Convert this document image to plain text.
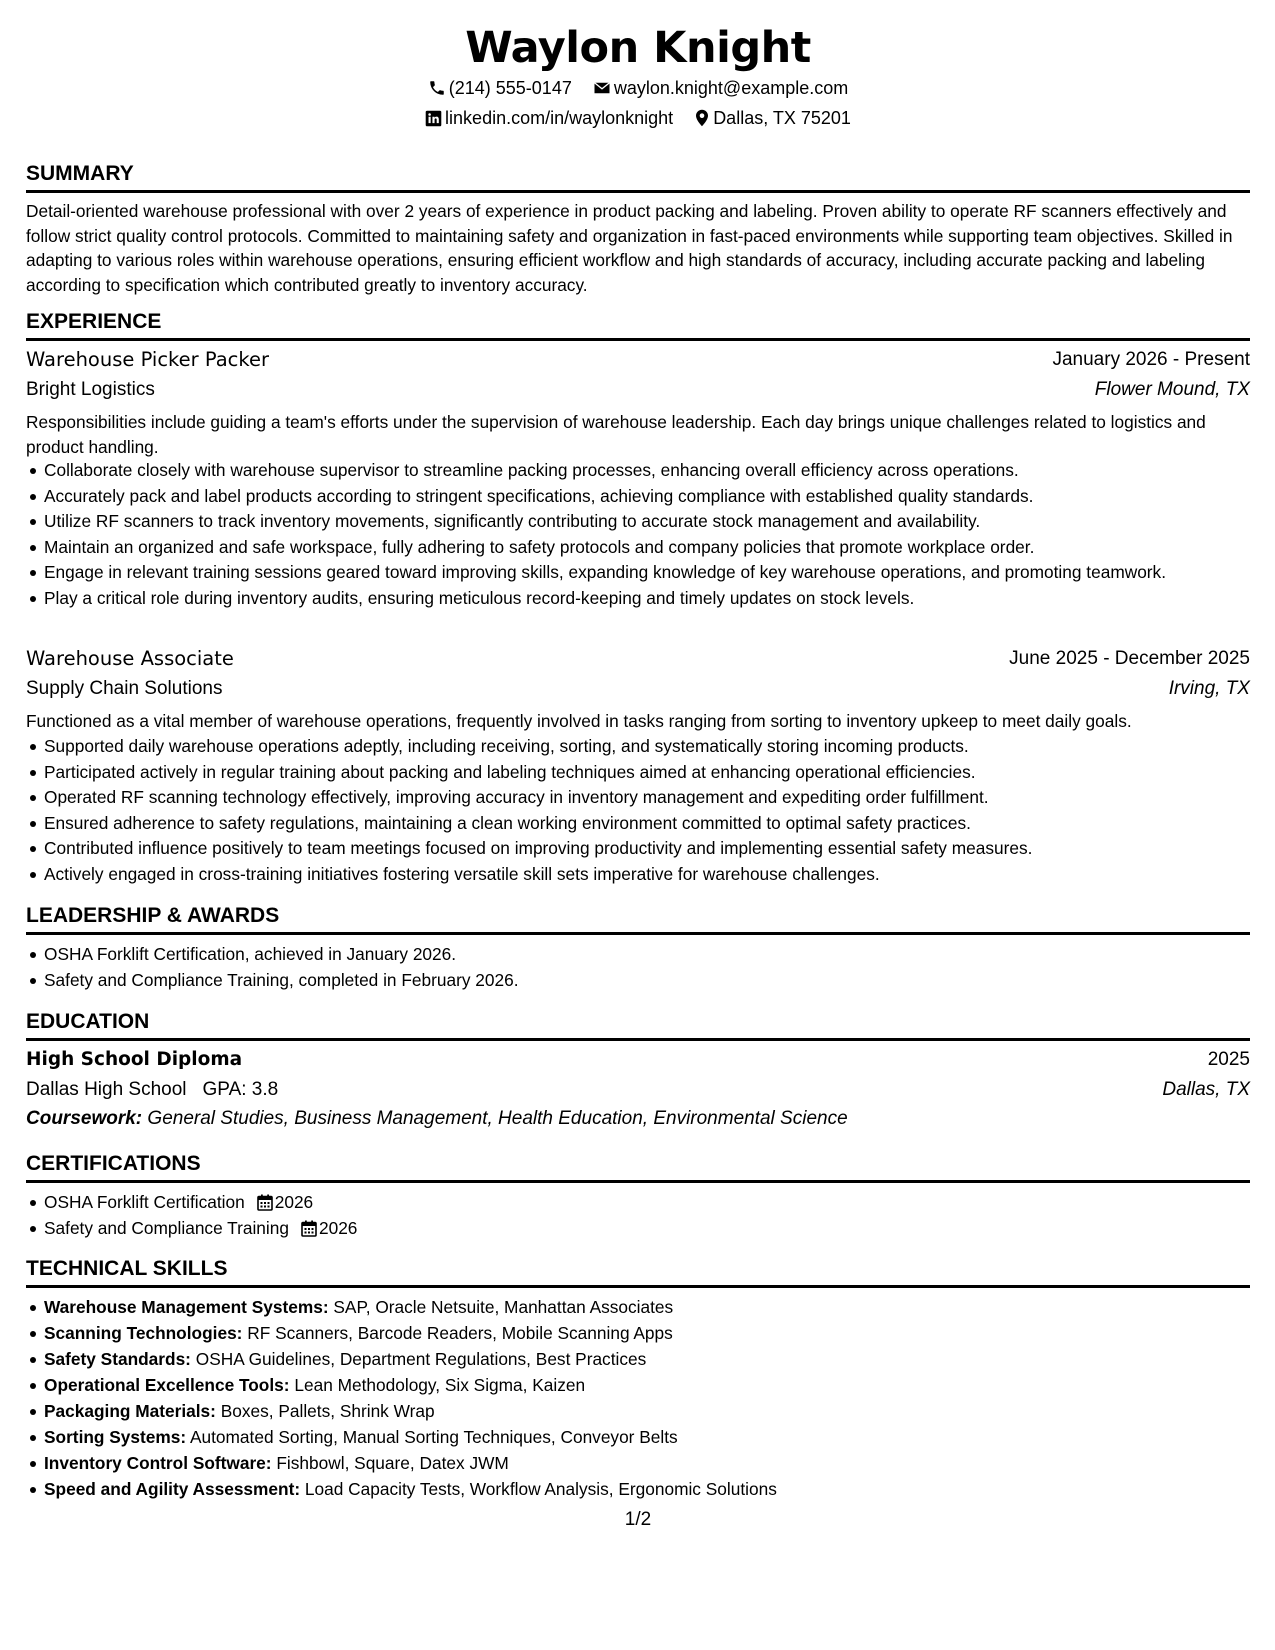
Waylon Knight
(214) 555-0147 waylon.knight@example.com
linkedin.com/in/waylonknight Dallas, TX 75201
SUMMARY
Detail-oriented warehouse professional with over 2 years of experience in product packing and labeling. Proven ability to operate RF scanners effectively and follow strict quality control protocols. Committed to maintaining safety and organization in fast-paced environments while supporting team objectives. Skilled in adapting to various roles within warehouse operations, ensuring efficient workflow and high standards of accuracy, including accurate packing and labeling according to specification which contributed greatly to inventory accuracy.
EXPERIENCE
Warehouse Picker Packer	January 2026 - Present
Bright Logistics	Flower Mound, TX
Responsibilities include guiding a team's efforts under the supervision of warehouse leadership. Each day brings unique challenges related to logistics and product handling.
Collaborate closely with warehouse supervisor to streamline packing processes, enhancing overall efficiency across operations.
Accurately pack and label products according to stringent specifications, achieving compliance with established quality standards.
Utilize RF scanners to track inventory movements, significantly contributing to accurate stock management and availability.
Maintain an organized and safe workspace, fully adhering to safety protocols and company policies that promote workplace order.
Engage in relevant training sessions geared toward improving skills, expanding knowledge of key warehouse operations, and promoting teamwork.
Play a critical role during inventory audits, ensuring meticulous record-keeping and timely updates on stock levels.
Warehouse Associate	June 2025 - December 2025
Supply Chain Solutions	Irving, TX
Functioned as a vital member of warehouse operations, frequently involved in tasks ranging from sorting to inventory upkeep to meet daily goals.
Supported daily warehouse operations adeptly, including receiving, sorting, and systematically storing incoming products.
Participated actively in regular training about packing and labeling techniques aimed at enhancing operational efficiencies.
Operated RF scanning technology effectively, improving accuracy in inventory management and expediting order fulfillment.
Ensured adherence to safety regulations, maintaining a clean working environment committed to optimal safety practices.
Contributed influence positively to team meetings focused on improving productivity and implementing essential safety measures.
Actively engaged in cross-training initiatives fostering versatile skill sets imperative for warehouse challenges.
LEADERSHIP & AWARDS
OSHA Forklift Certification, achieved in January 2026.
Safety and Compliance Training, completed in February 2026.
EDUCATION
High School Diploma	2025
Dallas High School GPA: 3.8	Dallas, TX
Coursework: General Studies, Business Management, Health Education, Environmental Science
CERTIFICATIONS
OSHA Forklift Certification 2026
Safety and Compliance Training 2026
TECHNICAL SKILLS
Warehouse Management Systems: SAP, Oracle Netsuite, Manhattan Associates
Scanning Technologies: RF Scanners, Barcode Readers, Mobile Scanning Apps
Safety Standards: OSHA Guidelines, Department Regulations, Best Practices
Operational Excellence Tools: Lean Methodology, Six Sigma, Kaizen
Packaging Materials: Boxes, Pallets, Shrink Wrap
Sorting Systems: Automated Sorting, Manual Sorting Techniques, Conveyor Belts
Inventory Control Software: Fishbowl, Square, Datex JWM
Speed and Agility Assessment: Load Capacity Tests, Workflow Analysis, Ergonomic Solutions
1/2
